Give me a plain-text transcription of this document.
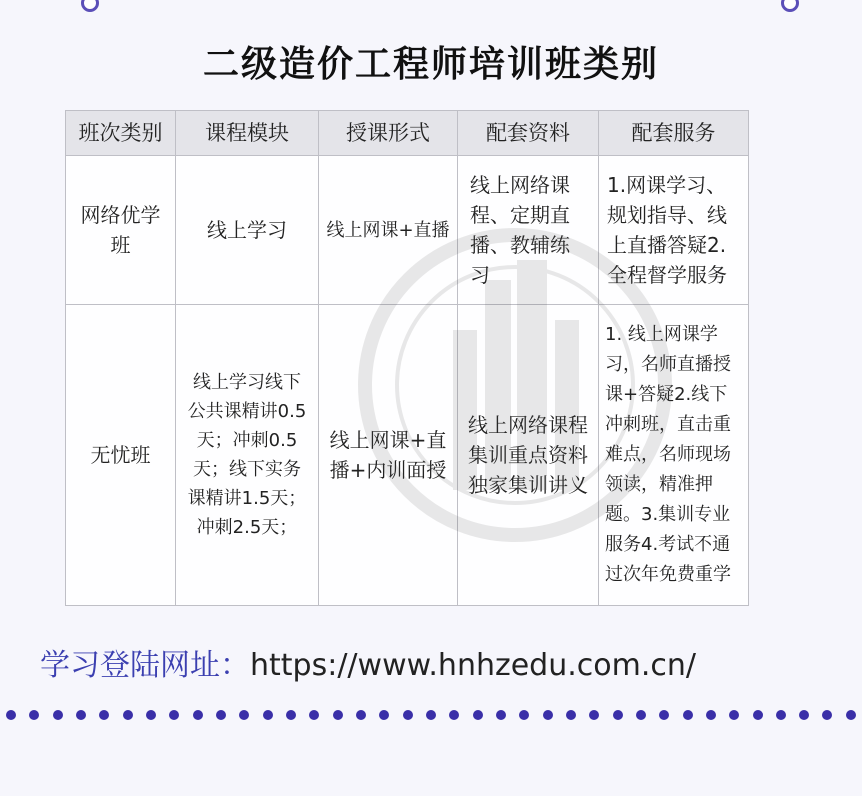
二级造价工程师培训班类别
班次类别	课程模块	授课形式	配套资料	配套服务
网络优学班	线上学习	线上网课+直播	线上网络课程、定期直播、教辅练习	1.网课学习、规划指导、线上直播答疑2.全程督学服务
无忧班	线上学习线下公共课精讲0.5天；冲刺0.5天；线下实务课精讲1.5天；冲刺2.5天；	线上网课+直播+内训面授	线上网络课程集训重点资料独家集训讲义	1. 线上网课学习，名师直播授课+答疑2.线下冲刺班，直击重难点，名师现场领读，精准押题。3.集训专业服务4.考试不通过次年免费重学
学习登陆网址：https://www.hnhzedu.com.cn/
